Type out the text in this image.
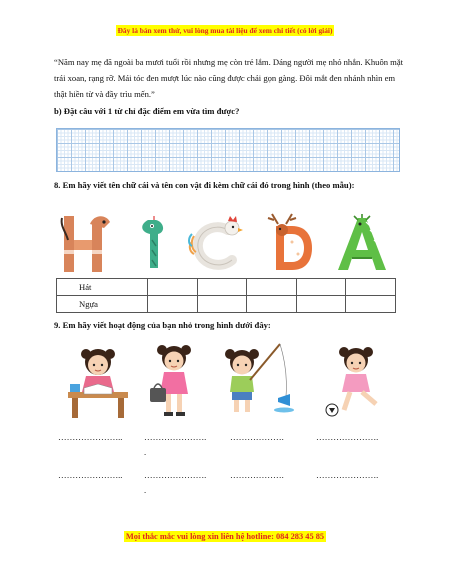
Đây là bản xem thử, vui lòng mua tài liệu để xem chi tiết (có lời giải)

“Năm nay mẹ đã ngoài ba mươi tuổi rồi nhưng mẹ còn trẻ lắm. Dáng người mẹ nhỏ nhắn. Khuôn mặt trái xoan, rạng rỡ. Mái tóc đen mượt lúc nào cũng được chải gọn gàng. Đôi mắt đen nhánh nhìn em thật hiền từ và đầy trìu mến.”

b) Đặt câu với 1 từ chỉ đặc điểm em vừa tìm được?

8. Em hãy viết tên chữ cái và tên con vật đi kèm chữ cái đó trong hình (theo mẫu):

Hát					
Ngựa					

9. Em hãy viết hoạt động của bạn nhỏ trong hình dưới đây:

…………………..	………………….	……………….	………………….
.
…………………..	………………….	……………….	………………….
.
Mọi thắc mắc vui lòng xin liên hệ hotline: 084 283 45 85
